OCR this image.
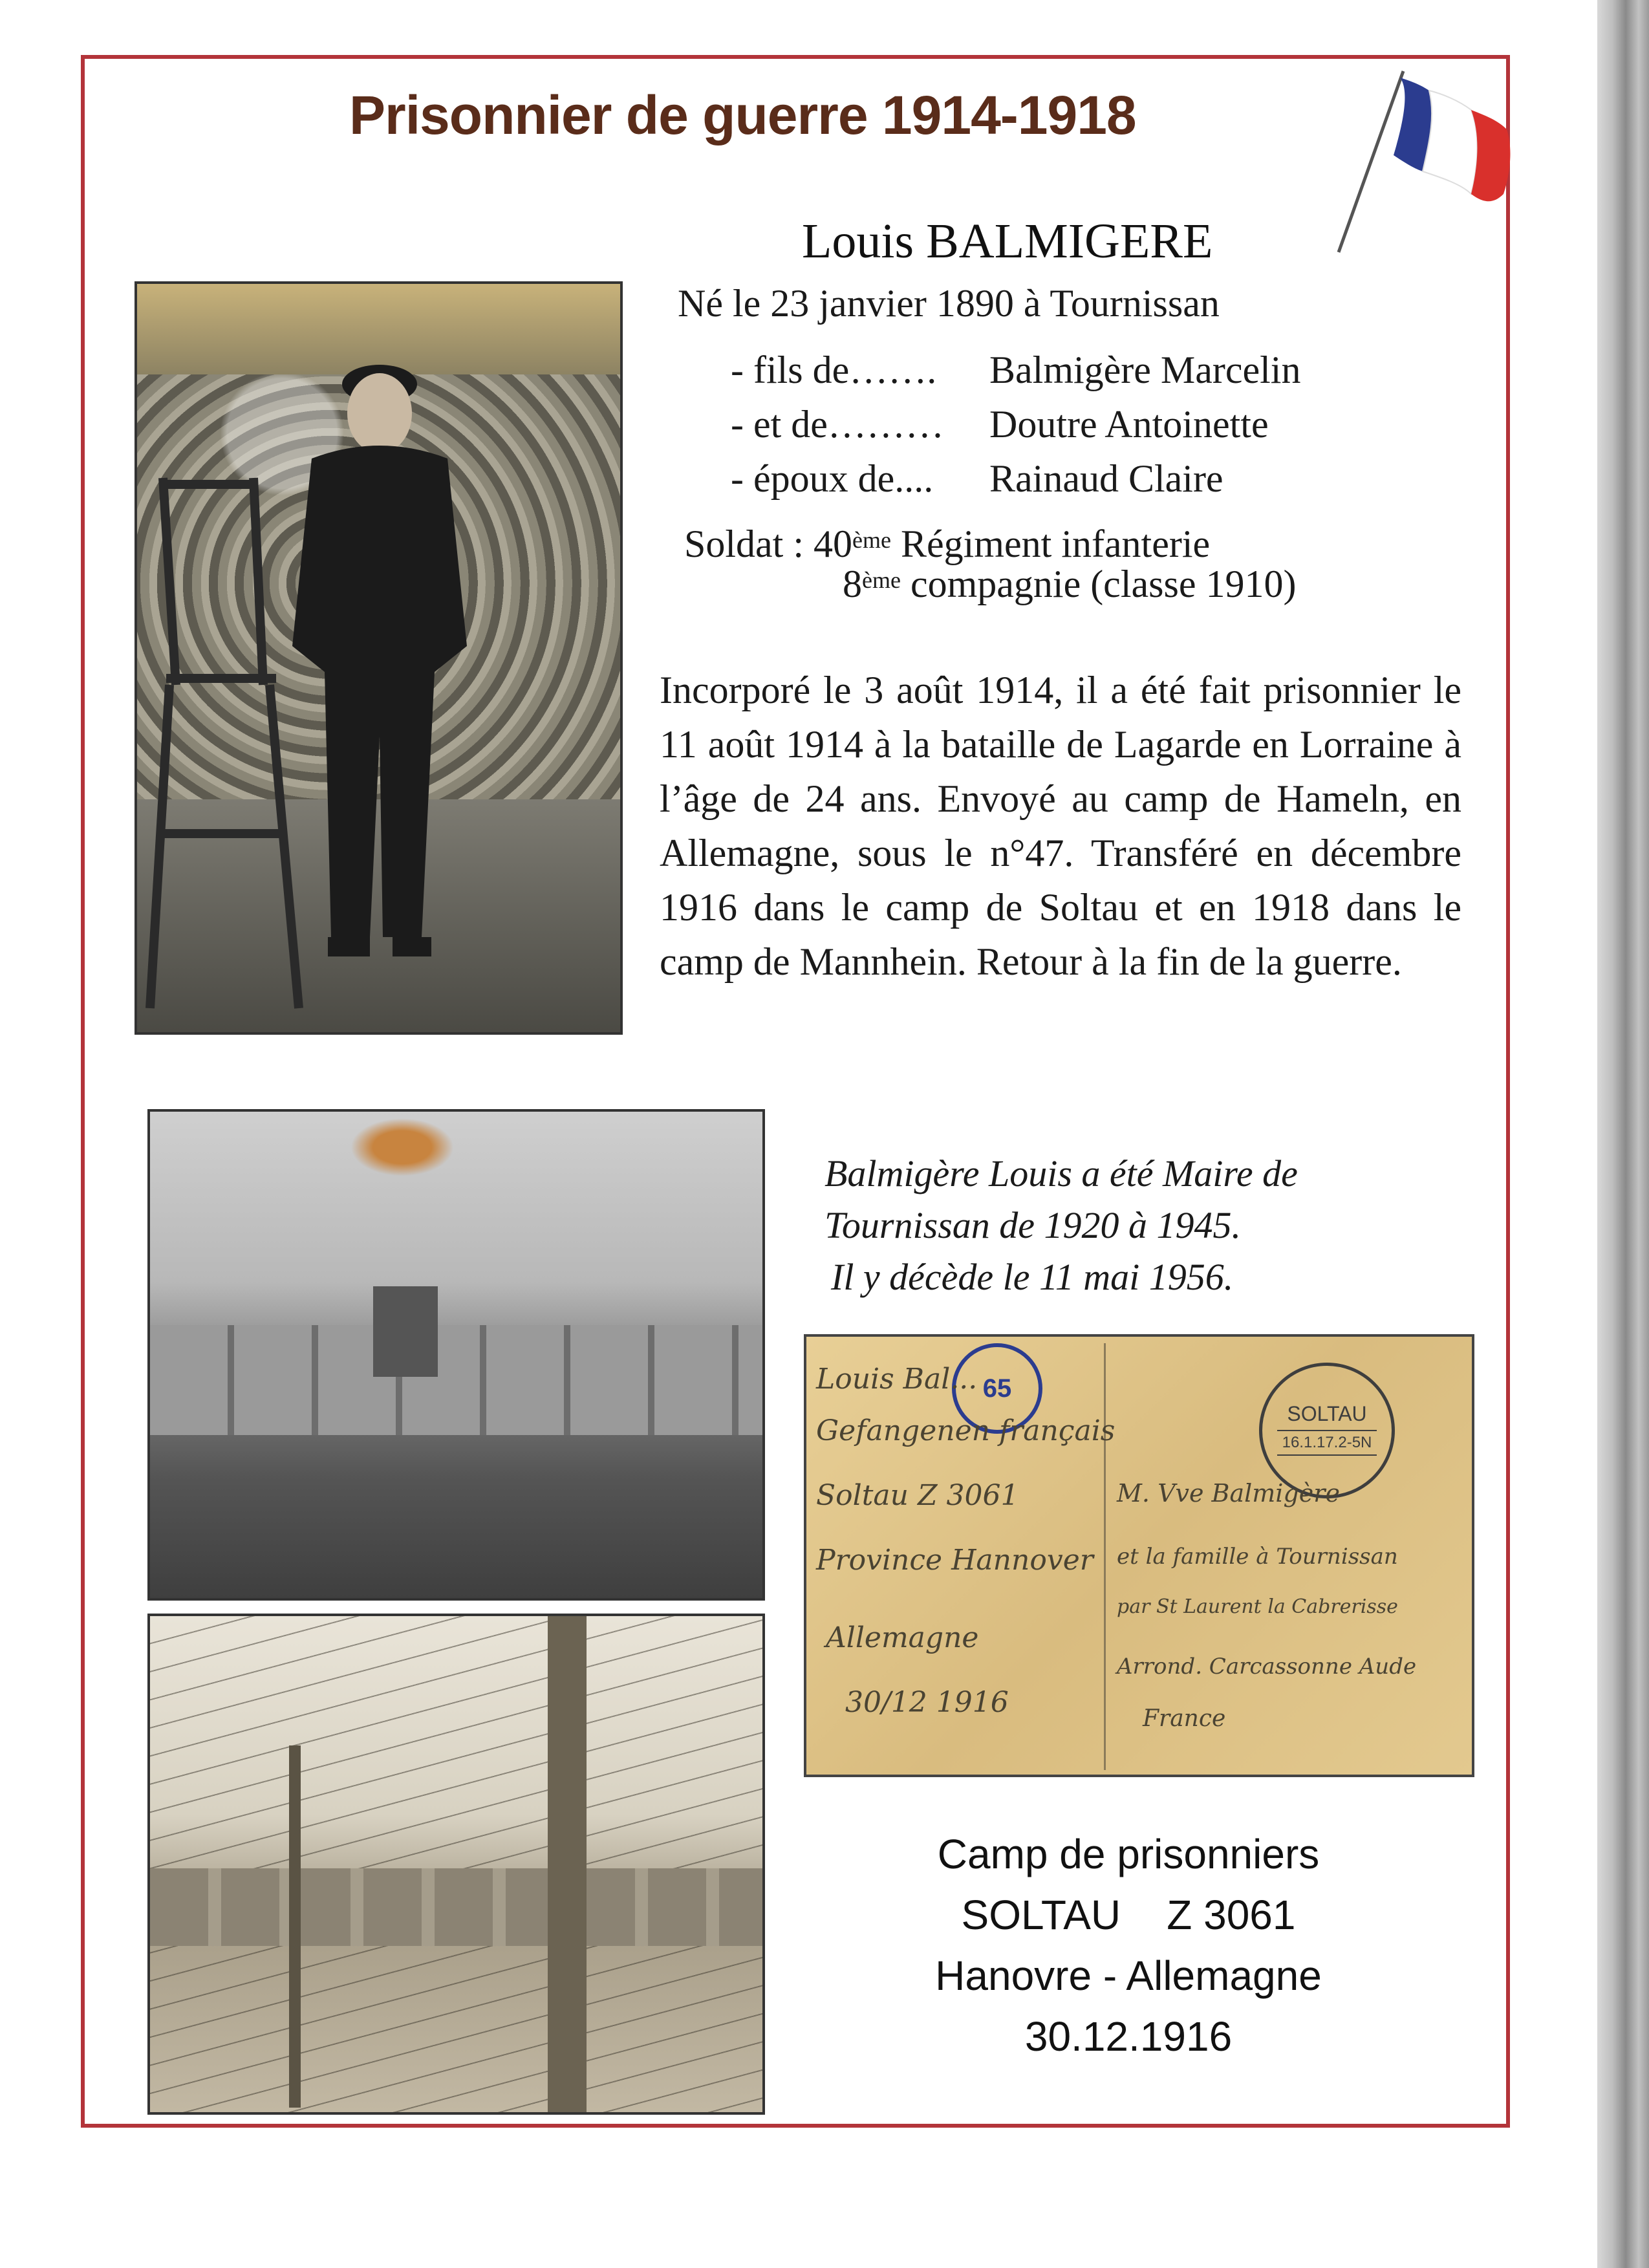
Prisonnier de guerre 1914-1918
Louis BALMIGERE
Né le 23 janvier 1890 à Tournissan
- fils de…….	Balmigère Marcelin
- et de………	Doutre Antoinette
- époux de....	Rainaud Claire
Soldat : 40ème Régiment infanterie
8ème compagnie (classe 1910)
Incorporé le 3 août 1914, il a été fait prisonnier le 11 août 1914 à la bataille de Lagarde en Lorraine à l’âge de 24 ans. Envoyé au camp de Hameln, en Allemagne, sous le n°47. Transféré en décembre 1916 dans le camp de Soltau et en 1918 dans le camp de Mannhein. Retour à la fin de la guerre.
Balmigère Louis a été Maire de
Tournissan de 1920 à 1945.
Il y décède le 11 mai 1956.
65
SOLTAU
16.1.17.2-5N
Louis Bal...
Gefangenen français
Soltau Z 3061
Province Hannover
Allemagne
30/12 1916
M. Vve Balmigère
et la famille à Tournissan
par St Laurent la Cabrerisse
Arrond. Carcassonne Aude
France
Camp de prisonniers
SOLTAU    Z 3061
Hanovre - Allemagne
30.12.1916
